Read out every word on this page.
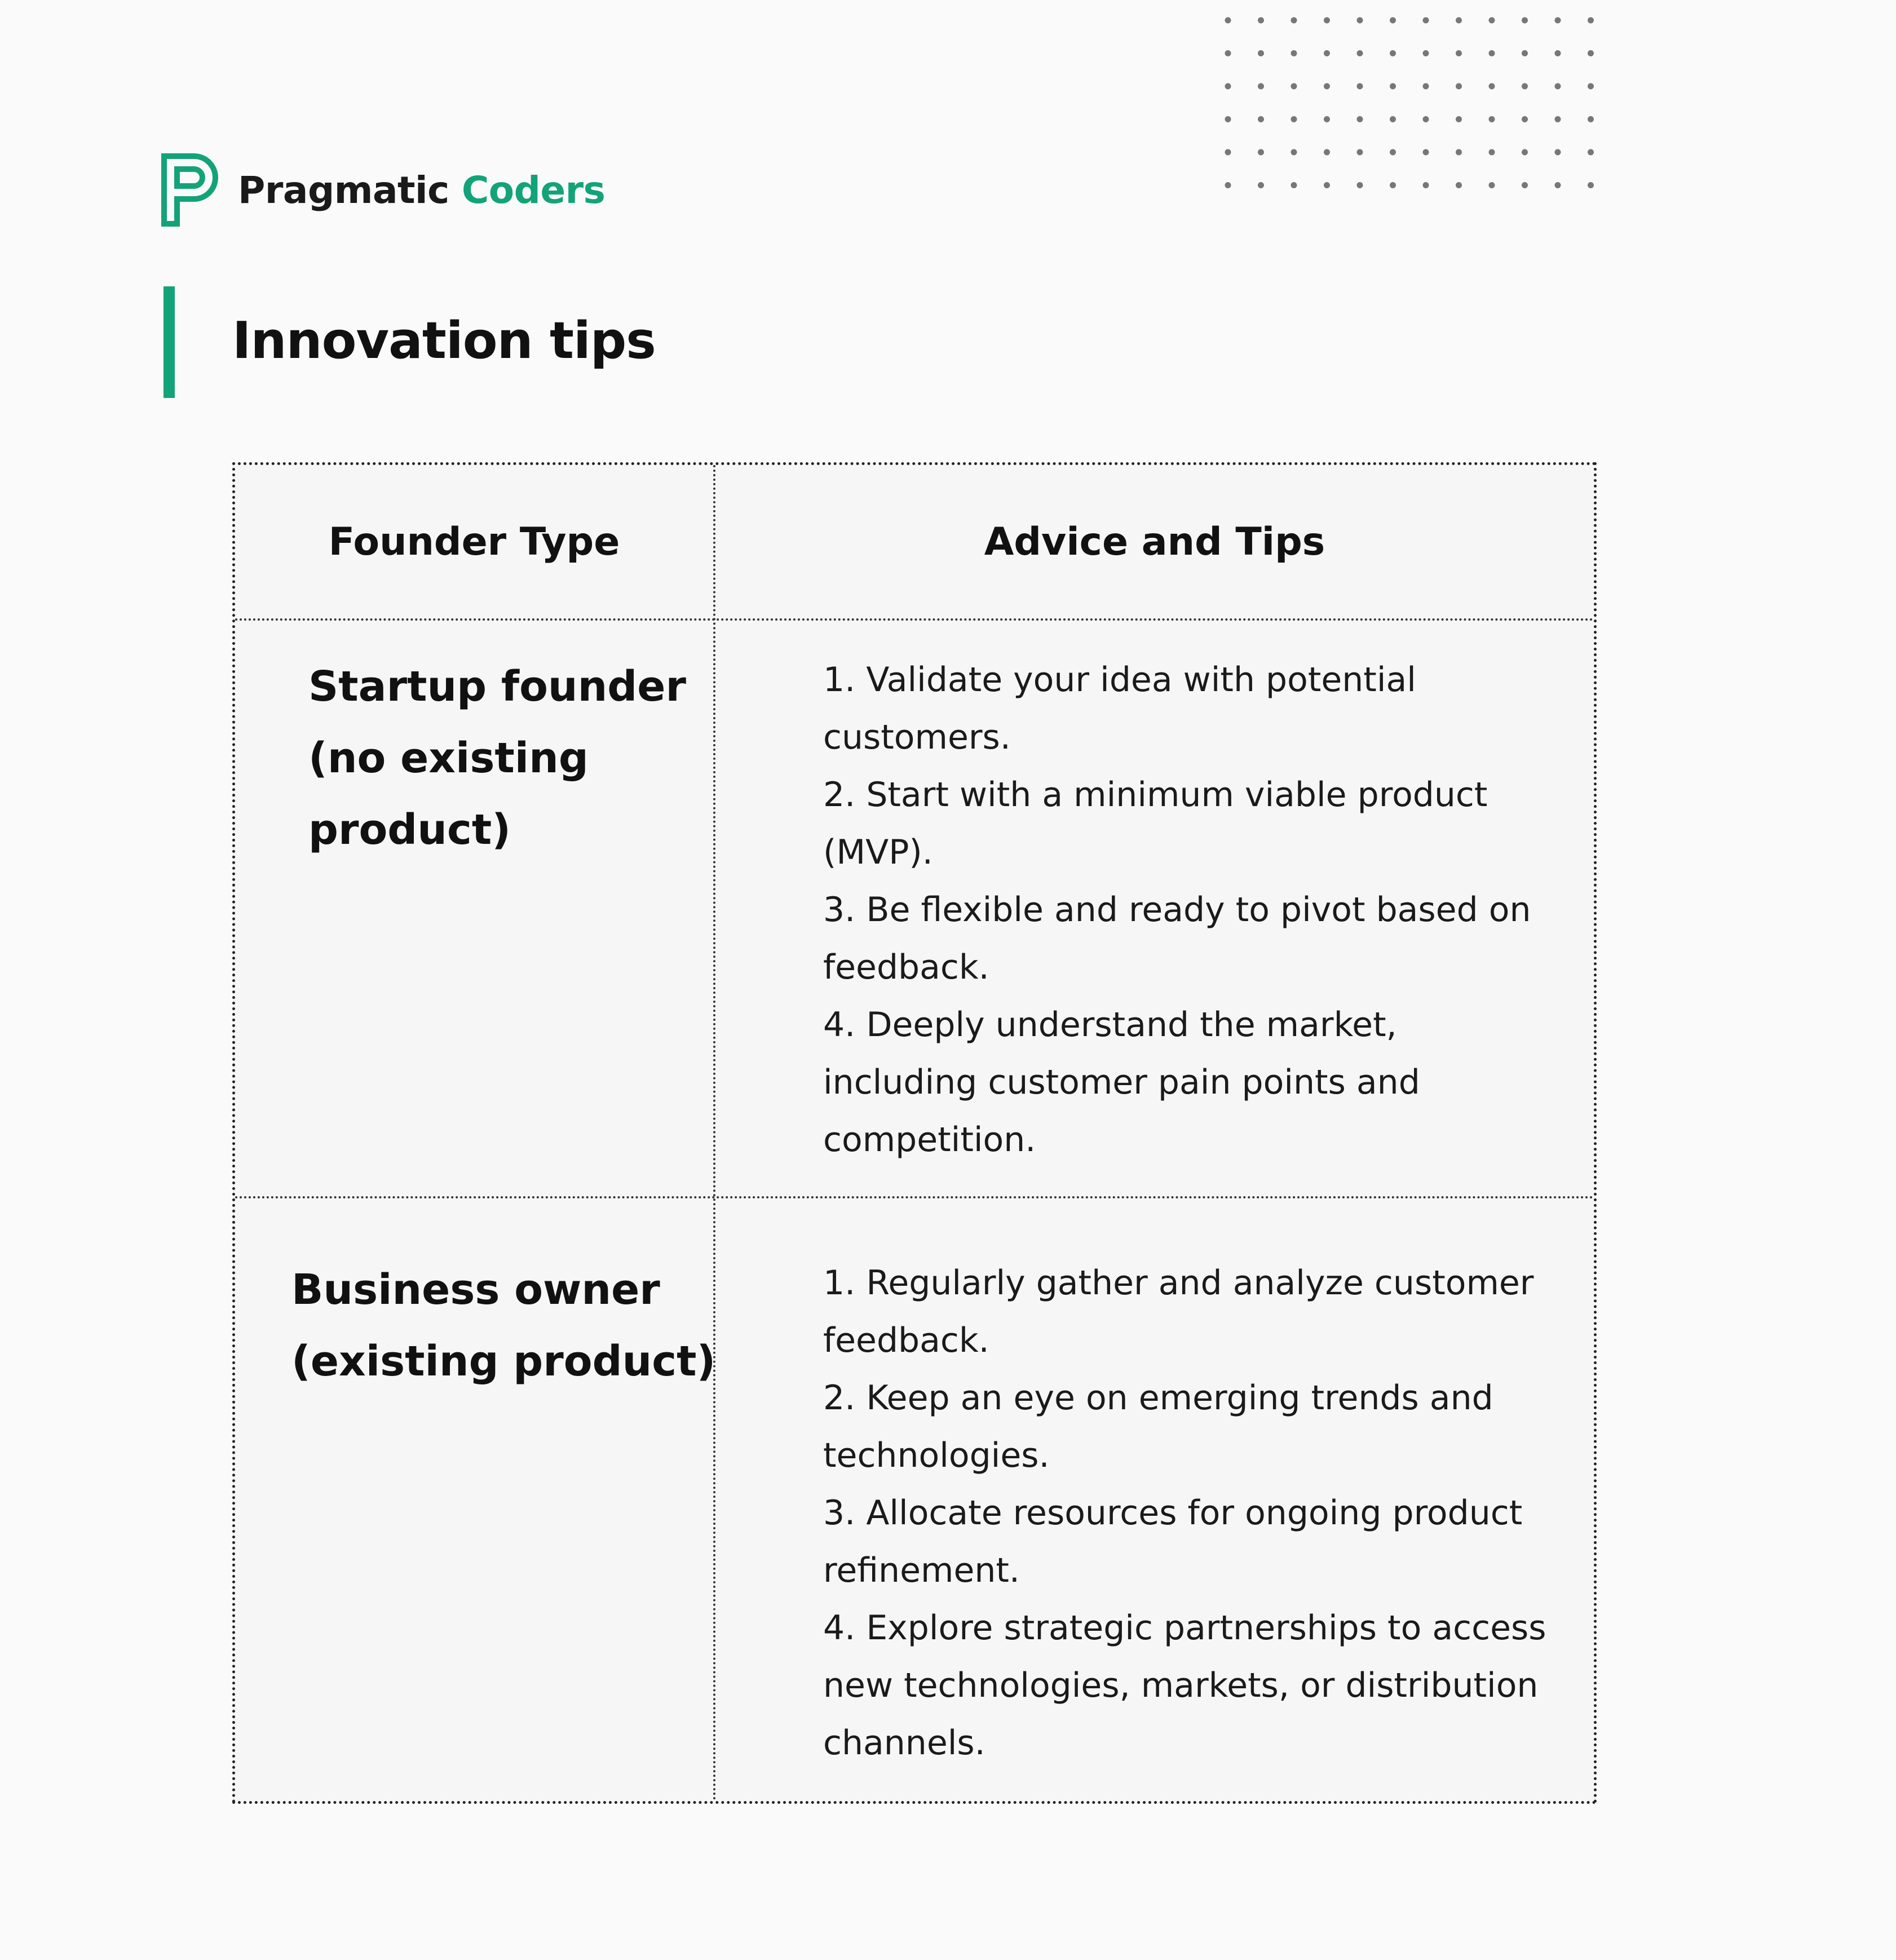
Pragmatic Coders
Innovation tips
Founder Type	Advice and Tips
Startup founder
(no existing
product)
1. Validate your idea with potential customers.
2. Start with a minimum viable product (MVP).
3. Be flexible and ready to pivot based on feedback.
4. Deeply understand the market, including customer pain points and competition.
Business owner
(existing product)
1. Regularly gather and analyze customer feedback.
2. Keep an eye on emerging trends and technologies.
3. Allocate resources for ongoing product refinement.
4. Explore strategic partnerships to access new technologies, markets, or distribution channels.
